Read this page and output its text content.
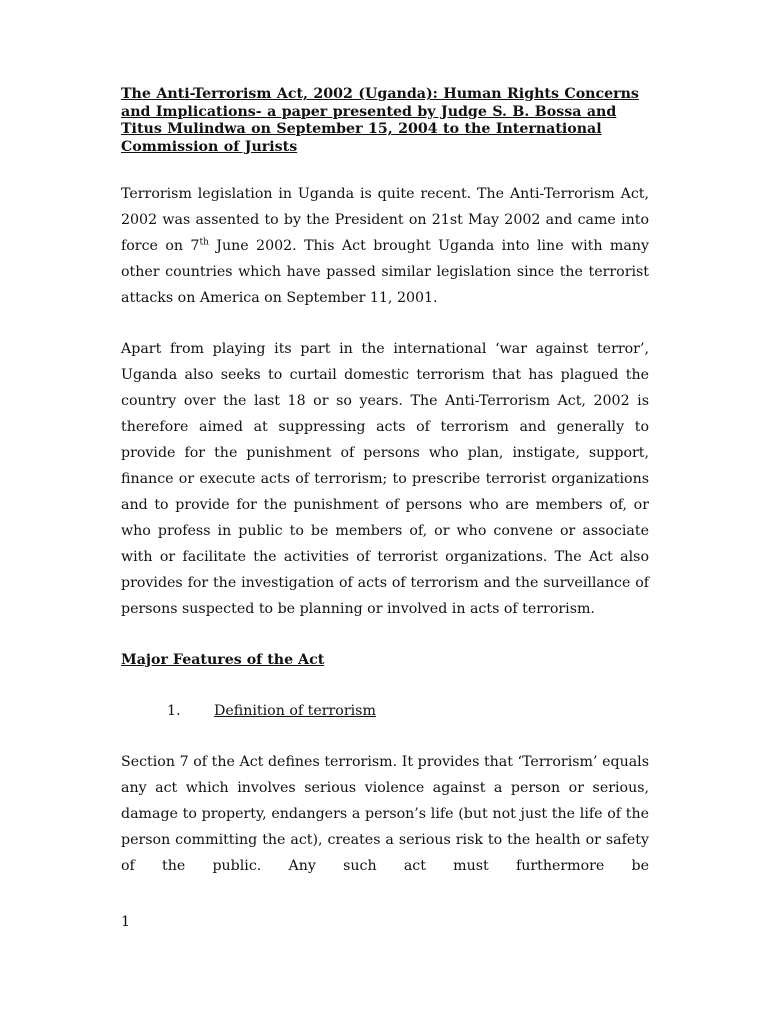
The Anti-Terrorism Act, 2002 (Uganda): Human Rights Concerns and Implications- a paper presented by Judge S. B. Bossa and Titus Mulindwa on September 15, 2004 to the International Commission of Jurists

Terrorism legislation in Uganda is quite recent. The Anti-Terrorism Act, 2002 was assented to by the President on 21st May 2002 and came into force on 7th June 2002. This Act brought Uganda into line with many other countries which have passed similar legislation since the terrorist attacks on America on September 11, 2001.

Apart from playing its part in the international ‘war against terror’, Uganda also seeks to curtail domestic terrorism that has plagued the country over the last 18 or so years. The Anti-Terrorism Act, 2002 is therefore aimed at suppressing acts of terrorism and generally to provide for the punishment of persons who plan, instigate, support, finance or execute acts of terrorism; to prescribe terrorist organizations and to provide for the punishment of persons who are members of, or who profess in public to be members of, or who convene or associate with or facilitate the activities of terrorist organizations. The Act also provides for the investigation of acts of terrorism and the surveillance of persons suspected to be planning or involved in acts of terrorism.

Major Features of the Act
1.	Definition of terrorism

Section 7 of the Act defines terrorism. It provides that ‘Terrorism’ equals any act which involves serious violence against a person or serious, damage to property, endangers a person’s life (but not just the life of the person committing the act), creates a serious risk to the health or safety of the public. Any such act must furthermore be

1
